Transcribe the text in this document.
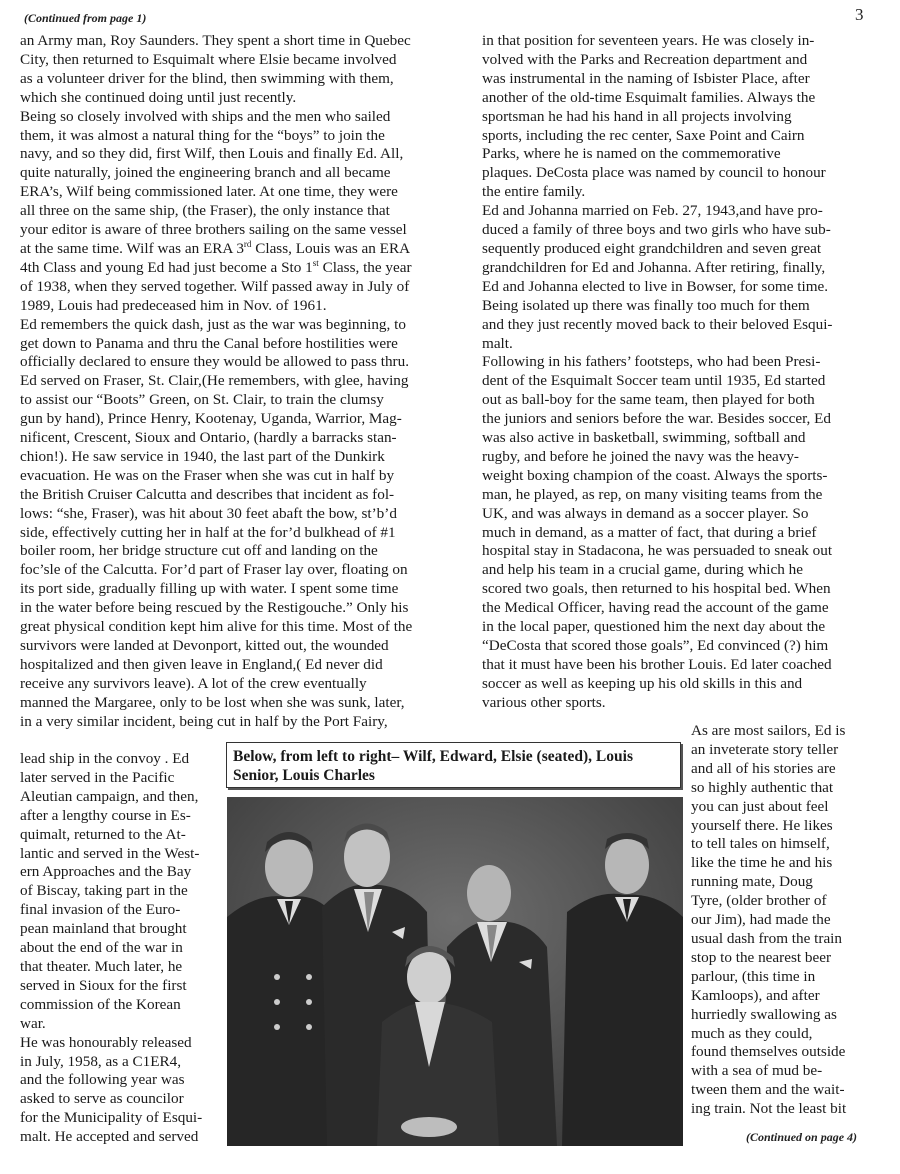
(Continued from page 1)	3
an Army man, Roy Saunders. They spent a short time in Quebec
City, then returned to Esquimalt where Elsie became involved
as a volunteer driver for the blind, then swimming with them,
which she continued doing until just recently.
Being so closely involved with ships and the men who sailed
them, it was almost a natural thing for the “boys” to join the
navy, and so they did, first Wilf, then Louis and finally Ed. All,
quite naturally, joined the engineering branch and all became
ERA’s, Wilf being commissioned later. At one time, they were
all three on the same ship, (the Fraser), the only instance that
your editor is aware of three brothers sailing on the same vessel
at the same time. Wilf was an ERA 3rd Class, Louis was an ERA
4th Class and young Ed had just become a Sto 1st Class, the year
of 1938, when they served together. Wilf passed away in July of
1989, Louis had predeceased him in Nov. of 1961.
Ed remembers the quick dash, just as the war was beginning, to
get down to Panama and thru the Canal before hostilities were
officially declared to ensure they would be allowed to pass thru.
Ed served on Fraser, St. Clair,(He remembers, with glee, having
to assist our “Boots” Green, on St. Clair, to train the clumsy
gun by hand), Prince Henry, Kootenay, Uganda, Warrior, Mag-
nificent, Crescent, Sioux and Ontario, (hardly a barracks stan-
chion!). He saw service in 1940, the last part of the Dunkirk
evacuation. He was on the Fraser when she was cut in half by
the British Cruiser Calcutta and describes that incident as fol-
lows: “she, Fraser), was hit about 30 feet abaft the bow, st’b’d
side, effectively cutting her in half at the for’d bulkhead of #1
boiler room, her bridge structure cut off and landing on the
foc’sle of the Calcutta. For’d part of Fraser lay over, floating on
its port side, gradually filling up with water. I spent some time
in the water before being rescued by the Restigouche.” Only his
great physical condition kept him alive for this time. Most of the
survivors were landed at Devonport, kitted out, the wounded
hospitalized and then given leave in England,( Ed never did
receive any survivors leave). A lot of the crew eventually
manned the Margaree, only to be lost when she was sunk, later,
in a very similar incident, being cut in half by the Port Fairy,
lead ship in the convoy . Ed
later served in the Pacific
Aleutian campaign, and then,
after a lengthy course in Es-
quimalt, returned to the At-
lantic and served in the West-
ern Approaches and the Bay
of Biscay, taking part in the
final invasion of the Euro-
pean mainland that brought
about the end of the war in
that theater. Much later, he
served in Sioux for the first
commission of the Korean
war.
He was honourably released
in July, 1958, as a C1ER4,
and the following year was
asked to serve as councilor
for the Municipality of Esqui-
malt. He accepted and served
in that position for seventeen years. He was closely in-
volved with the Parks and Recreation department and
was instrumental in the naming of Isbister Place, after
another of the old-time Esquimalt families. Always the
sportsman he had his hand in all projects involving
sports, including the rec center, Saxe Point and Cairn
Parks, where he is named on the commemorative
plaques. DeCosta place was named by council to honour
the entire family.
Ed and Johanna married on Feb. 27, 1943,and have pro-
duced a family of three boys and two girls who have sub-
sequently produced eight grandchildren and seven great
grandchildren for Ed and Johanna. After retiring, finally,
Ed and Johanna elected to live in Bowser, for some time.
Being isolated up there was finally too much for them
and they just recently moved back to their beloved Esqui-
malt.
Following in his fathers’ footsteps, who had been Presi-
dent of the Esquimalt Soccer team until 1935, Ed started
out as ball-boy for the same team, then played for both
the juniors and seniors before the war. Besides soccer, Ed
was also active in basketball, swimming, softball and
rugby, and before he joined the navy was the heavy-
weight boxing champion of the coast. Always the sports-
man, he played, as rep, on many visiting teams from the
UK, and was always in demand as a soccer player. So
much in demand, as a matter of fact, that during a brief
hospital stay in Stadacona, he was persuaded to sneak out
and help his team in a crucial game, during which he
scored two goals, then returned to his hospital bed. When
the Medical Officer, having read the account of the game
in the local paper, questioned him the next day about the
“DeCosta that scored those goals”, Ed convinced (?) him
that it must have been his brother Louis. Ed later coached
soccer as well as keeping up his old skills in this and
various other sports.
As are most sailors, Ed is
an inveterate story teller
and all of his stories are
so highly authentic that
you can just about feel
yourself there. He likes
to tell tales on himself,
like the time he and his
running mate, Doug
Tyre, (older brother of
our Jim), had made the
usual dash from the train
stop to the nearest beer
parlour, (this time in
Kamloops), and after
hurriedly swallowing as
much as they could,
found themselves outside
with a sea of mud be-
tween them and the wait-
ing train. Not the least bit
Below, from left to right– Wilf, Edward, Elsie (seated), Louis
Senior, Louis Charles
(Continued on page 4)
